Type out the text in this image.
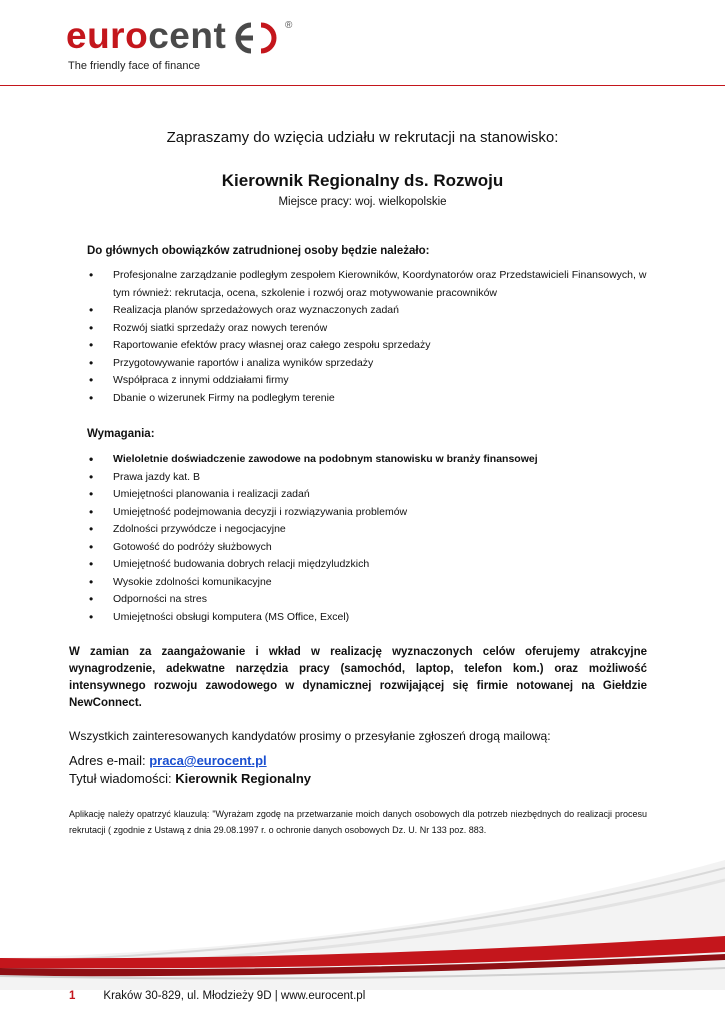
eurocent	®
The friendly face of finance
Zapraszamy do wzięcia udziału w rekrutacji na stanowisko:
Kierownik Regionalny ds. Rozwoju
Miejsce pracy: woj. wielkopolskie
Do głównych obowiązków zatrudnionej osoby będzie należało:
• Profesjonalne zarządzanie podległym zespołem Kierowników, Koordynatorów oraz Przedstawicieli Finansowych, w tym również: rekrutacja, ocena, szkolenie i rozwój oraz motywowanie pracowników
• Realizacja planów sprzedażowych oraz wyznaczonych zadań
• Rozwój siatki sprzedaży oraz nowych terenów
• Raportowanie efektów pracy własnej oraz całego zespołu sprzedaży
• Przygotowywanie raportów i analiza wyników sprzedaży
• Współpraca z innymi oddziałami firmy
• Dbanie o wizerunek Firmy na podległym terenie
Wymagania:
• Wieloletnie doświadczenie zawodowe na podobnym stanowisku w branży finansowej
• Prawa jazdy kat. B
• Umiejętności planowania i realizacji zadań
• Umiejętność podejmowania decyzji i rozwiązywania problemów
• Zdolności przywódcze i negocjacyjne
• Gotowość do podróży służbowych
• Umiejętność budowania dobrych relacji międzyludzkich
• Wysokie zdolności komunikacyjne
• Odporności na stres
• Umiejętności obsługi komputera (MS Office, Excel)
W zamian za zaangażowanie i wkład w realizację wyznaczonych celów oferujemy atrakcyjne wynagrodzenie, adekwatne narzędzia pracy (samochód, laptop, telefon kom.) oraz możliwość intensywnego rozwoju zawodowego w dynamicznej rozwijającej się firmie notowanej na Giełdzie NewConnect.
Wszystkich zainteresowanych kandydatów prosimy o przesyłanie zgłoszeń drogą mailową:
Adres e-mail: praca@eurocent.pl
Tytuł wiadomości: Kierownik Regionalny
Aplikację należy opatrzyć klauzulą: "Wyrażam zgodę na przetwarzanie moich danych osobowych dla potrzeb niezbędnych do realizacji procesu rekrutacji ( zgodnie z Ustawą z dnia 29.08.1997 r. o ochronie danych osobowych Dz. U. Nr 133 poz. 883.
1 Kraków 30-829, ul. Młodzieży 9D | www.eurocent.pl
